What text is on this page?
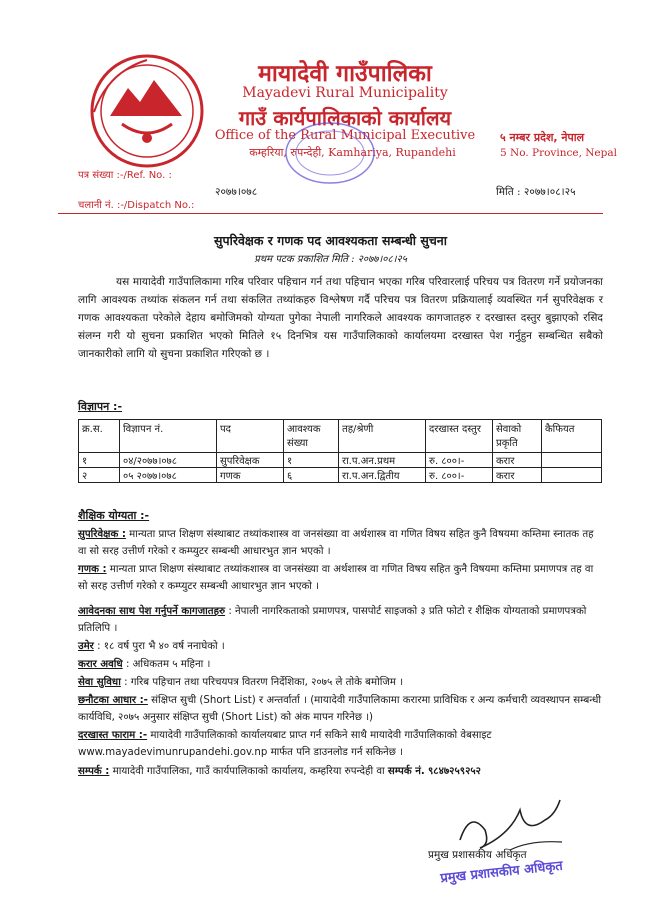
मायादेवी गाउँपालिका
Mayadevi Rural Municipality
गाउँ कार्यपालिकाको कार्यालय
Office of the Rural Municipal Executive
कम्हरिया, रुपन्देही, Kamhariya, Rupandehi
५ नम्बर प्रदेश, नेपाल
5 No. Province, Nepal
पत्र संख्या :-/Ref. No. :
२०७७।०७८
चलानी नं. :-/Dispatch No.:
मिति : २०७७।०८।२५
सुपरिवेक्षक र गणक पद आवश्यकता सम्बन्धी सुचना
प्रथम पटक प्रकाशित मिति : २०७७।०८।२५
यस मायादेवी गाउँपालिकामा गरिब परिवार पहिचान गर्न तथा पहिचान भएका गरिब परिवारलाई परिचय पत्र वितरण गर्ने प्रयोजनका लागि आवश्यक तथ्यांक संकलन गर्न तथा संकलित तथ्यांकहरु विश्लेषण गर्दै परिचय पत्र वितरण प्रक्रियालाई व्यवस्थित गर्न सुपरिवेक्षक र गणक आवश्यकता परेकोले देहाय बमोजिमको योग्यता पुगेका नेपाली नागरिकले आवश्यक कागजातहरु र दरखास्त दस्तुर बुझाएको रसिद संलग्न गरी यो सुचना प्रकाशित भएको मितिले १५ दिनभित्र यस गाउँपालिकाको कार्यालयमा दरखास्त पेश गर्नुहुन सम्बन्धित सबैको जानकारीको लागि यो सुचना प्रकाशित गरिएको छ ।
विज्ञापन :-
क्र.स.	विज्ञापन नं.	पद	आवश्यक संख्या	तह/श्रेणी	दरखास्त दस्तुर	सेवाको प्रकृति	कैफियत
१	०४/२०७७।०७८	सुपरिवेक्षक	१	रा.प.अन.प्रथम	रु. ८००।-	करार	
२	०५ २०७७।०७८	गणक	६	रा.प.अन.द्वितीय	रु. ८००।-	करार	
शैक्षिक योग्यता :-
सुपरिवेक्षक : मान्यता प्राप्त शिक्षण संस्थाबाट तथ्यांकशास्त्र वा जनसंख्या वा अर्थशास्त्र वा गणित विषय सहित कुनै विषयमा कम्तिमा स्नातक तह वा सो सरह उत्तीर्ण गरेको र कम्प्युटर सम्बन्धी आधारभुत ज्ञान भएको ।
गणक : मान्यता प्राप्त शिक्षण संस्थाबाट तथ्यांकशास्त्र वा जनसंख्या वा अर्थशास्त्र वा गणित विषय सहित कुनै विषयमा कम्तिमा प्रमाणपत्र तह वा सो सरह उत्तीर्ण गरेको र कम्प्युटर सम्बन्धी आधारभुत ज्ञान भएको ।
आवेदनका साथ पेश गर्नुपर्ने कागजातहरु : नेपाली नागरिकताको प्रमाणपत्र, पासपोर्ट साइजको ३ प्रति फोटो र शैक्षिक योग्यताको प्रमाणपत्रको प्रतिलिपि ।
उमेर : १८ वर्ष पुरा भै ४० वर्ष ननाघेको ।
करार अवधि : अधिकतम ५ महिना ।
सेवा सुविधा : गरिब पहिचान तथा परिचयपत्र वितरण निर्देशिका, २०७५ ले तोके बमोजिम ।
छनौटका आधार :- संक्षिप्त सुची (Short List) र अन्तर्वार्ता । (मायादेवी गाउँपालिकामा करारमा प्राविधिक र अन्य कर्मचारी व्यवस्थापन सम्बन्धी कार्यविधि, २०७५ अनुसार संक्षिप्त सुची (Short List) को अंक मापन गरिनेछ ।)
दरखास्त फाराम :- मायादेवी गाउँपालिकाको कार्यालयबाट प्राप्त गर्न सकिने साथै मायादेवी गाउँपालिकाको वेबसाइट www.mayadevimunrupandehi.gov.np मार्फत पनि डाउनलोड गर्न सकिनेछ ।
सम्पर्क : मायादेवी गाउँपालिका, गाउँ कार्यपालिकाको कार्यालय, कम्हरिया रुपन्देही वा सम्पर्क नं. ९८४७२५९२५२
प्रमुख प्रशासकीय अधिकृत
प्रमुख प्रशासकीय अधिकृत
